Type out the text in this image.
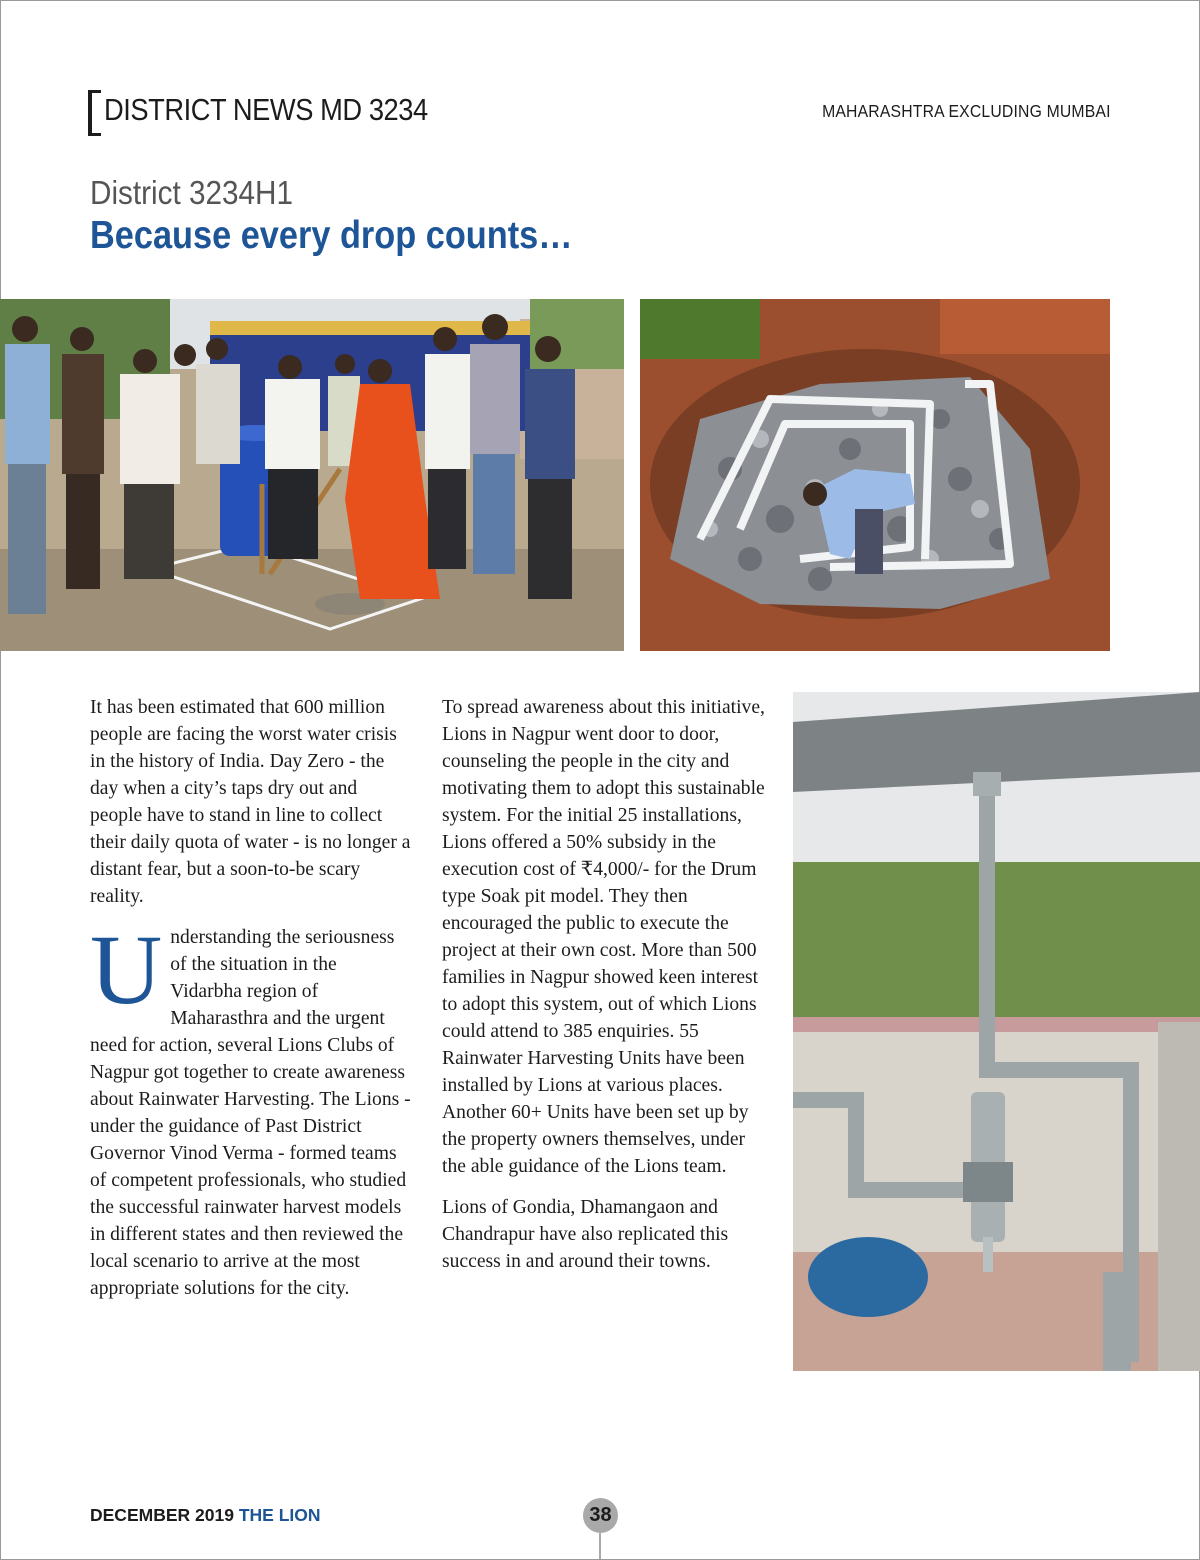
DISTRICT NEWS MD 3234	MAHARASHTRA EXCLUDING MUMBAI
District 3234H1
Because every drop counts…

It has been estimated that 600 million people are facing the worst water crisis in the history of India. Day Zero - the day when a city’s taps dry out and people have to stand in line to collect their daily quota of water - is no longer a distant fear, but a soon-to-be scary reality.

Understanding the seriousness of the situation in the Vidarbha region of Maharasthra and the urgent need for action, several Lions Clubs of Nagpur got together to create awareness about Rainwater Harvesting. The Lions - under the guidance of Past District Governor Vinod Verma - formed teams of competent professionals, who studied the successful rainwater harvest models in different states and then reviewed the local scenario to arrive at the most appropriate solutions for the city.

To spread awareness about this initiative, Lions in Nagpur went door to door, counseling the people in the city and motivating them to adopt this sustainable system. For the initial 25 installations, Lions offered a 50% subsidy in the execution cost of ₹4,000/- for the Drum type Soak pit model. They then encouraged the public to execute the project at their own cost. More than 500 families in Nagpur showed keen interest to adopt this system, out of which Lions could attend to 385 enquiries. 55 Rainwater Harvesting Units have been installed by Lions at various places. Another 60+ Units have been set up by the property owners themselves, under the able guidance of the Lions team.

Lions of Gondia, Dhamangaon and Chandrapur have also replicated this success in and around their towns.

DECEMBER 2019 THE LION	38
